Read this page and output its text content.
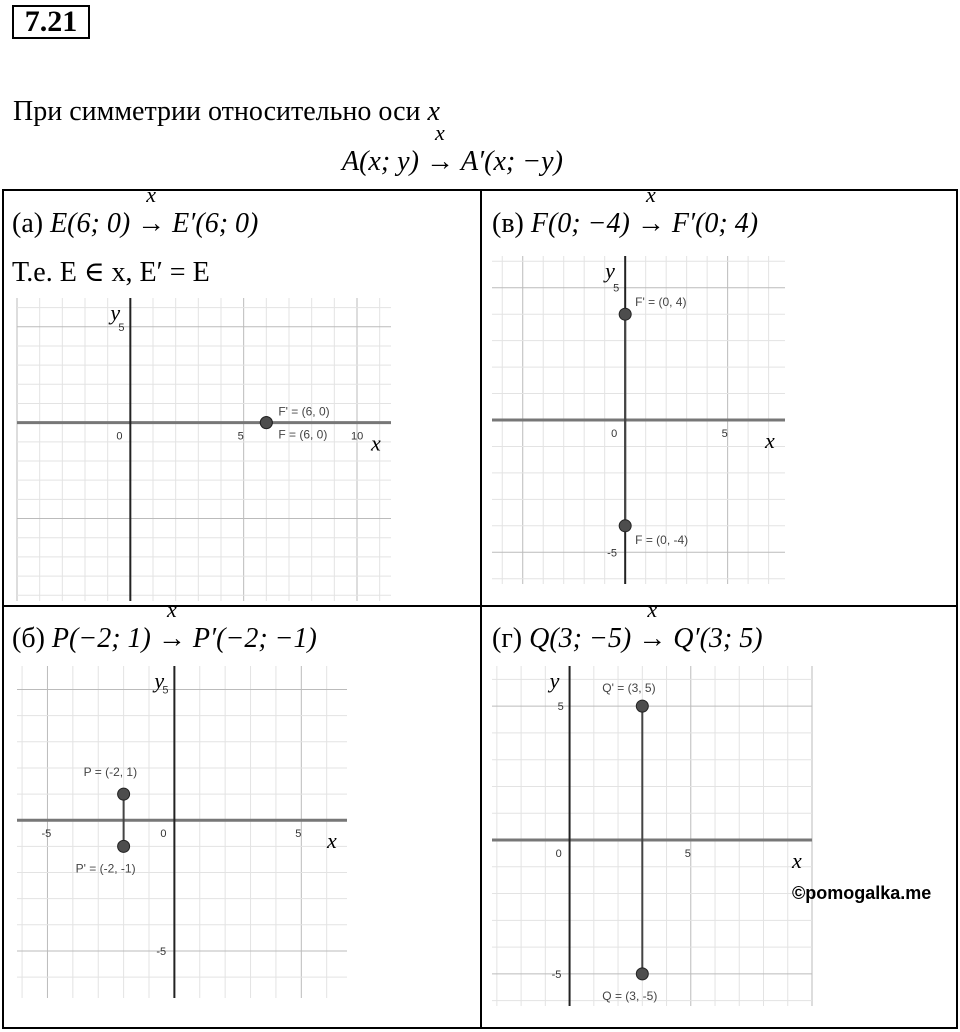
7.21
При симметрии относительно оси x
A(x; y) →
x
A′(x; −y)
(а) E(6; 0) →
x
E′(6; 0)
Т.е. E ∈ x, E′ = E
0	5	10
5
x
y
F = (6, 0)
F' = (6, 0)
(в) F(0; −4) →
x
F′(0; 4)
0	5
5
-5
x
y
F' = (0, 4)
F = (0, -4)
(б) P(−2; 1) →
x
P′(−2; −1)
-5	0	5
5
-5
x
y
P = (-2, 1)
P' = (-2, -1)
(г) Q(3; −5) →
x
Q′(3; 5)
0	5
5
-5
x
y	Q' = (3, 5)
Q = (3, -5)
©pomogalka.me
